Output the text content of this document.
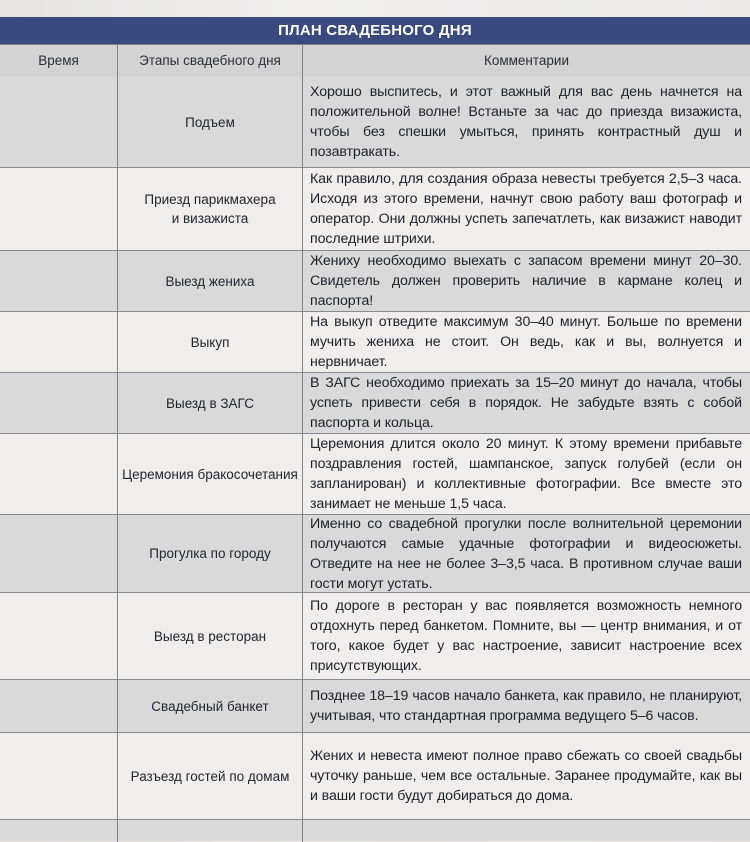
ПЛАН СВАДЕБНОГО ДНЯ
Время	Этапы свадебного дня	Комментарии
Подъем
Хорошо выспитесь, и этот важный для вас день начнется на положительной волне! Встаньте за час до приезда визажиста, чтобы без спешки умыться, принять контрастный душ и позавтракать.
Приезд парикмахера
и визажиста
Как правило, для создания образа невесты требуется 2,5–3 часа. Исходя из этого времени, начнут свою работу ваш фотограф и оператор. Они должны успеть запечатлеть, как визажист наводит последние штрихи.
Выезд жениха
Жениху необходимо выехать с запасом времени минут 20–30. Свидетель должен проверить наличие в кармане колец и паспорта!
Выкуп
На выкуп отведите максимум 30–40 минут. Больше по времени мучить жениха не стоит. Он ведь, как и вы, волнуется и нервничает.
Выезд в ЗАГС
В ЗАГС необходимо приехать за 15–20 минут до начала, чтобы успеть привести себя в порядок. Не забудьте взять с собой паспорта и кольца.
Церемония бракосочетания
Церемония длится около 20 минут. К этому времени прибавьте поздравления гостей, шампанское, запуск голубей (если он запланирован) и коллективные фотографии. Все вместе это занимает не меньше 1,5 часа.
Прогулка по городу
Именно со свадебной прогулки после волнительной церемонии получаются самые удачные фотографии и видеосюжеты. Отведите на нее не более 3–3,5 часа. В противном случае ваши гости могут устать.
Выезд в ресторан
По дороге в ресторан у вас появляется возможность немного отдохнуть перед банкетом. Помните, вы — центр внимания, и от того, какое будет у вас настроение, зависит настроение всех присутствующих.
Свадебный банкет
Позднее 18–19 часов начало банкета, как правило, не планируют, учитывая, что стандартная программа ведущего 5–6 часов.
Разъезд гостей по домам
Жених и невеста имеют полное право сбежать со своей свадьбы чуточку раньше, чем все остальные. Заранее продумайте, как вы и ваши гости будут добираться до дома.
